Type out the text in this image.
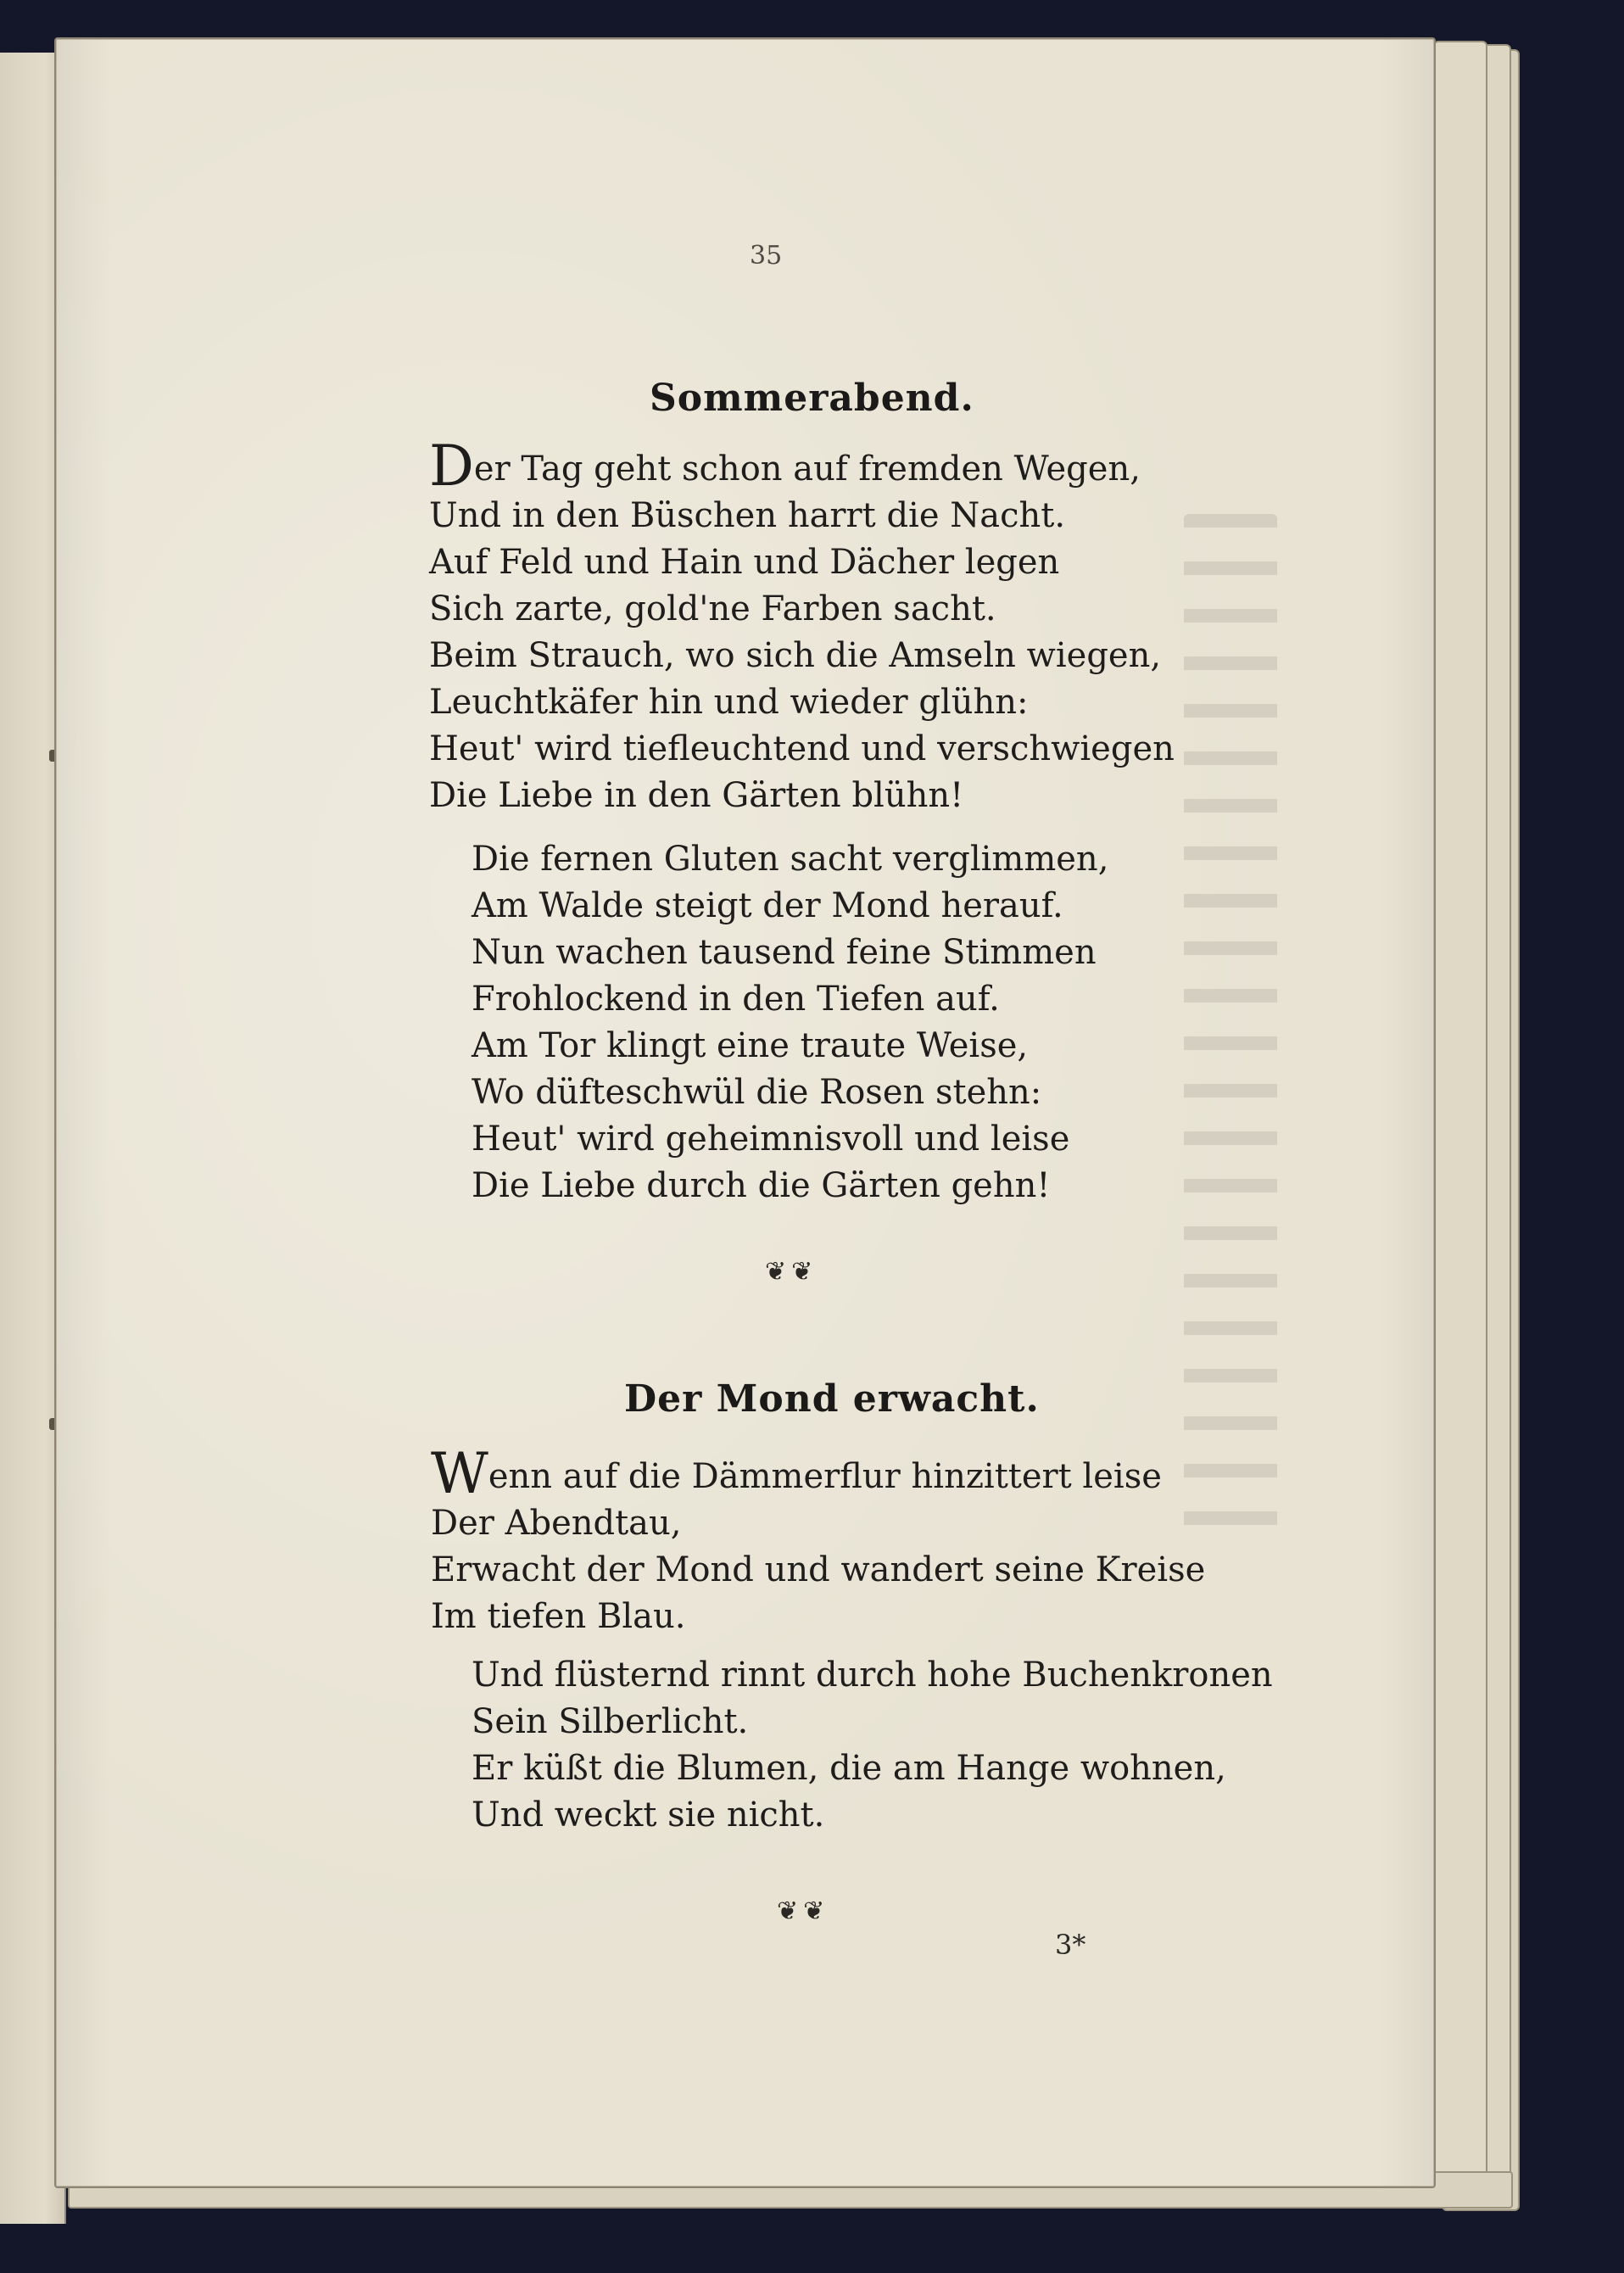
35
Sommerabend.
Der Tag geht schon auf fremden Wegen,
Und in den Büschen harrt die Nacht.
Auf Feld und Hain und Dächer legen
Sich zarte, gold'ne Farben sacht.
Beim Strauch, wo sich die Amseln wiegen,
Leuchtkäfer hin und wieder glühn:
Heut' wird tiefleuchtend und verschwiegen
Die Liebe in den Gärten blühn!
Die fernen Gluten sacht verglimmen,
Am Walde steigt der Mond herauf.
Nun wachen tausend feine Stimmen
Frohlockend in den Tiefen auf.
Am Tor klingt eine traute Weise,
Wo düfteschwül die Rosen stehn:
Heut' wird geheimnisvoll und leise
Die Liebe durch die Gärten gehn!
❦❦
Der Mond erwacht.
Wenn auf die Dämmerflur hinzittert leise
Der Abendtau,
Erwacht der Mond und wandert seine Kreise
Im tiefen Blau.
Und flüsternd rinnt durch hohe Buchenkronen
Sein Silberlicht.
Er küßt die Blumen, die am Hange wohnen,
Und weckt sie nicht.
❦❦
3*
